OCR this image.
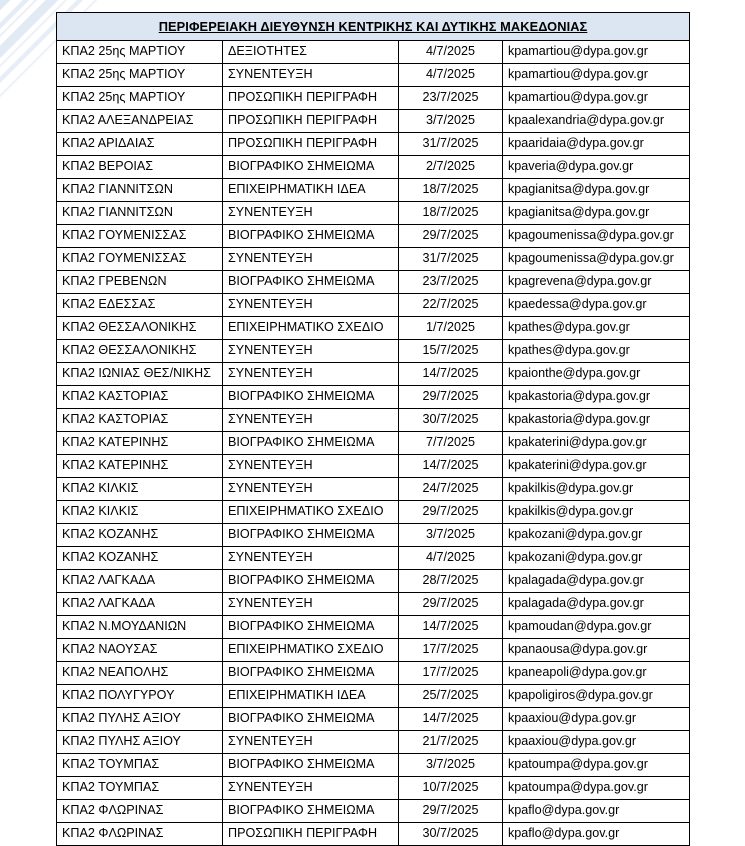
ΠΕΡΙΦΕΡΕΙΑΚΗ ΔΙΕΥΘΥΝΣΗ ΚΕΝΤΡΙΚΗΣ ΚΑΙ ΔΥΤΙΚΗΣ ΜΑΚΕΔΟΝΙΑΣ			
ΚΠΑ2 25ης ΜΑΡΤΙΟΥ	ΔΕΞΙΟΤΗΤΕΣ	4/7/2025	kpamartiou@dypa.gov.gr
ΚΠΑ2 25ης ΜΑΡΤΙΟΥ	ΣΥΝΕΝΤΕΥΞΗ	4/7/2025	kpamartiou@dypa.gov.gr
ΚΠΑ2 25ης ΜΑΡΤΙΟΥ	ΠΡΟΣΩΠΙΚΗ ΠΕΡΙΓΡΑΦΗ	23/7/2025	kpamartiou@dypa.gov.gr
ΚΠΑ2 ΑΛΕΞΑΝΔΡΕΙΑΣ	ΠΡΟΣΩΠΙΚΗ ΠΕΡΙΓΡΑΦΗ	3/7/2025	kpaalexandria@dypa.gov.gr
ΚΠΑ2 ΑΡΙΔΑΙΑΣ	ΠΡΟΣΩΠΙΚΗ ΠΕΡΙΓΡΑΦΗ	31/7/2025	kpaaridaia@dypa.gov.gr
ΚΠΑ2 ΒΕΡΟΙΑΣ	ΒΙΟΓΡΑΦΙΚΟ ΣΗΜΕΙΩΜΑ	2/7/2025	kpaveria@dypa.gov.gr
ΚΠΑ2 ΓΙΑΝΝΙΤΣΩΝ	ΕΠΙΧΕΙΡΗΜΑΤΙΚΗ ΙΔΕΑ	18/7/2025	kpagianitsa@dypa.gov.gr
ΚΠΑ2 ΓΙΑΝΝΙΤΣΩΝ	ΣΥΝΕΝΤΕΥΞΗ	18/7/2025	kpagianitsa@dypa.gov.gr
ΚΠΑ2 ΓΟΥΜΕΝΙΣΣΑΣ	ΒΙΟΓΡΑΦΙΚΟ ΣΗΜΕΙΩΜΑ	29/7/2025	kpagoumenissa@dypa.gov.gr
ΚΠΑ2 ΓΟΥΜΕΝΙΣΣΑΣ	ΣΥΝΕΝΤΕΥΞΗ	31/7/2025	kpagoumenissa@dypa.gov.gr
ΚΠΑ2 ΓΡΕΒΕΝΩΝ	ΒΙΟΓΡΑΦΙΚΟ ΣΗΜΕΙΩΜΑ	23/7/2025	kpagrevena@dypa.gov.gr
ΚΠΑ2 ΕΔΕΣΣΑΣ	ΣΥΝΕΝΤΕΥΞΗ	22/7/2025	kpaedessa@dypa.gov.gr
ΚΠΑ2 ΘΕΣΣΑΛΟΝΙΚΗΣ	ΕΠΙΧΕΙΡΗΜΑΤΙΚΟ ΣΧΕΔΙΟ	1/7/2025	kpathes@dypa.gov.gr
ΚΠΑ2 ΘΕΣΣΑΛΟΝΙΚΗΣ	ΣΥΝΕΝΤΕΥΞΗ	15/7/2025	kpathes@dypa.gov.gr
ΚΠΑ2 ΙΩΝΙΑΣ ΘΕΣ/ΝΙΚΗΣ	ΣΥΝΕΝΤΕΥΞΗ	14/7/2025	kpaionthe@dypa.gov.gr
ΚΠΑ2 ΚΑΣΤΟΡΙΑΣ	ΒΙΟΓΡΑΦΙΚΟ ΣΗΜΕΙΩΜΑ	29/7/2025	kpakastoria@dypa.gov.gr
ΚΠΑ2 ΚΑΣΤΟΡΙΑΣ	ΣΥΝΕΝΤΕΥΞΗ	30/7/2025	kpakastoria@dypa.gov.gr
ΚΠΑ2 ΚΑΤΕΡΙΝΗΣ	ΒΙΟΓΡΑΦΙΚΟ ΣΗΜΕΙΩΜΑ	7/7/2025	kpakaterini@dypa.gov.gr
ΚΠΑ2 ΚΑΤΕΡΙΝΗΣ	ΣΥΝΕΝΤΕΥΞΗ	14/7/2025	kpakaterini@dypa.gov.gr
ΚΠΑ2 ΚΙΛΚΙΣ	ΣΥΝΕΝΤΕΥΞΗ	24/7/2025	kpakilkis@dypa.gov.gr
ΚΠΑ2 ΚΙΛΚΙΣ	ΕΠΙΧΕΙΡΗΜΑΤΙΚΟ ΣΧΕΔΙΟ	29/7/2025	kpakilkis@dypa.gov.gr
ΚΠΑ2 ΚΟΖΑΝΗΣ	ΒΙΟΓΡΑΦΙΚΟ ΣΗΜΕΙΩΜΑ	3/7/2025	kpakozani@dypa.gov.gr
ΚΠΑ2 ΚΟΖΑΝΗΣ	ΣΥΝΕΝΤΕΥΞΗ	4/7/2025	kpakozani@dypa.gov.gr
ΚΠΑ2 ΛΑΓΚΑΔΑ	ΒΙΟΓΡΑΦΙΚΟ ΣΗΜΕΙΩΜΑ	28/7/2025	kpalagada@dypa.gov.gr
ΚΠΑ2 ΛΑΓΚΑΔΑ	ΣΥΝΕΝΤΕΥΞΗ	29/7/2025	kpalagada@dypa.gov.gr
ΚΠΑ2 Ν.ΜΟΥΔΑΝΙΩΝ	ΒΙΟΓΡΑΦΙΚΟ ΣΗΜΕΙΩΜΑ	14/7/2025	kpamoudan@dypa.gov.gr
ΚΠΑ2 ΝΑΟΥΣΑΣ	ΕΠΙΧΕΙΡΗΜΑΤΙΚΟ ΣΧΕΔΙΟ	17/7/2025	kpanaousa@dypa.gov.gr
ΚΠΑ2 ΝΕΑΠΟΛΗΣ	ΒΙΟΓΡΑΦΙΚΟ ΣΗΜΕΙΩΜΑ	17/7/2025	kpaneapoli@dypa.gov.gr
ΚΠΑ2 ΠΟΛΥΓΥΡΟΥ	ΕΠΙΧΕΙΡΗΜΑΤΙΚΗ ΙΔΕΑ	25/7/2025	kpapoligiros@dypa.gov.gr
ΚΠΑ2 ΠΥΛΗΣ ΑΞΙΟΥ	ΒΙΟΓΡΑΦΙΚΟ ΣΗΜΕΙΩΜΑ	14/7/2025	kpaaxiou@dypa.gov.gr
ΚΠΑ2 ΠΥΛΗΣ ΑΞΙΟΥ	ΣΥΝΕΝΤΕΥΞΗ	21/7/2025	kpaaxiou@dypa.gov.gr
ΚΠΑ2 ΤΟΥΜΠΑΣ	ΒΙΟΓΡΑΦΙΚΟ ΣΗΜΕΙΩΜΑ	3/7/2025	kpatoumpa@dypa.gov.gr
ΚΠΑ2 ΤΟΥΜΠΑΣ	ΣΥΝΕΝΤΕΥΞΗ	10/7/2025	kpatoumpa@dypa.gov.gr
ΚΠΑ2 ΦΛΩΡΙΝΑΣ	ΒΙΟΓΡΑΦΙΚΟ ΣΗΜΕΙΩΜΑ	29/7/2025	kpaflo@dypa.gov.gr
ΚΠΑ2 ΦΛΩΡΙΝΑΣ	ΠΡΟΣΩΠΙΚΗ ΠΕΡΙΓΡΑΦΗ	30/7/2025	kpaflo@dypa.gov.gr
